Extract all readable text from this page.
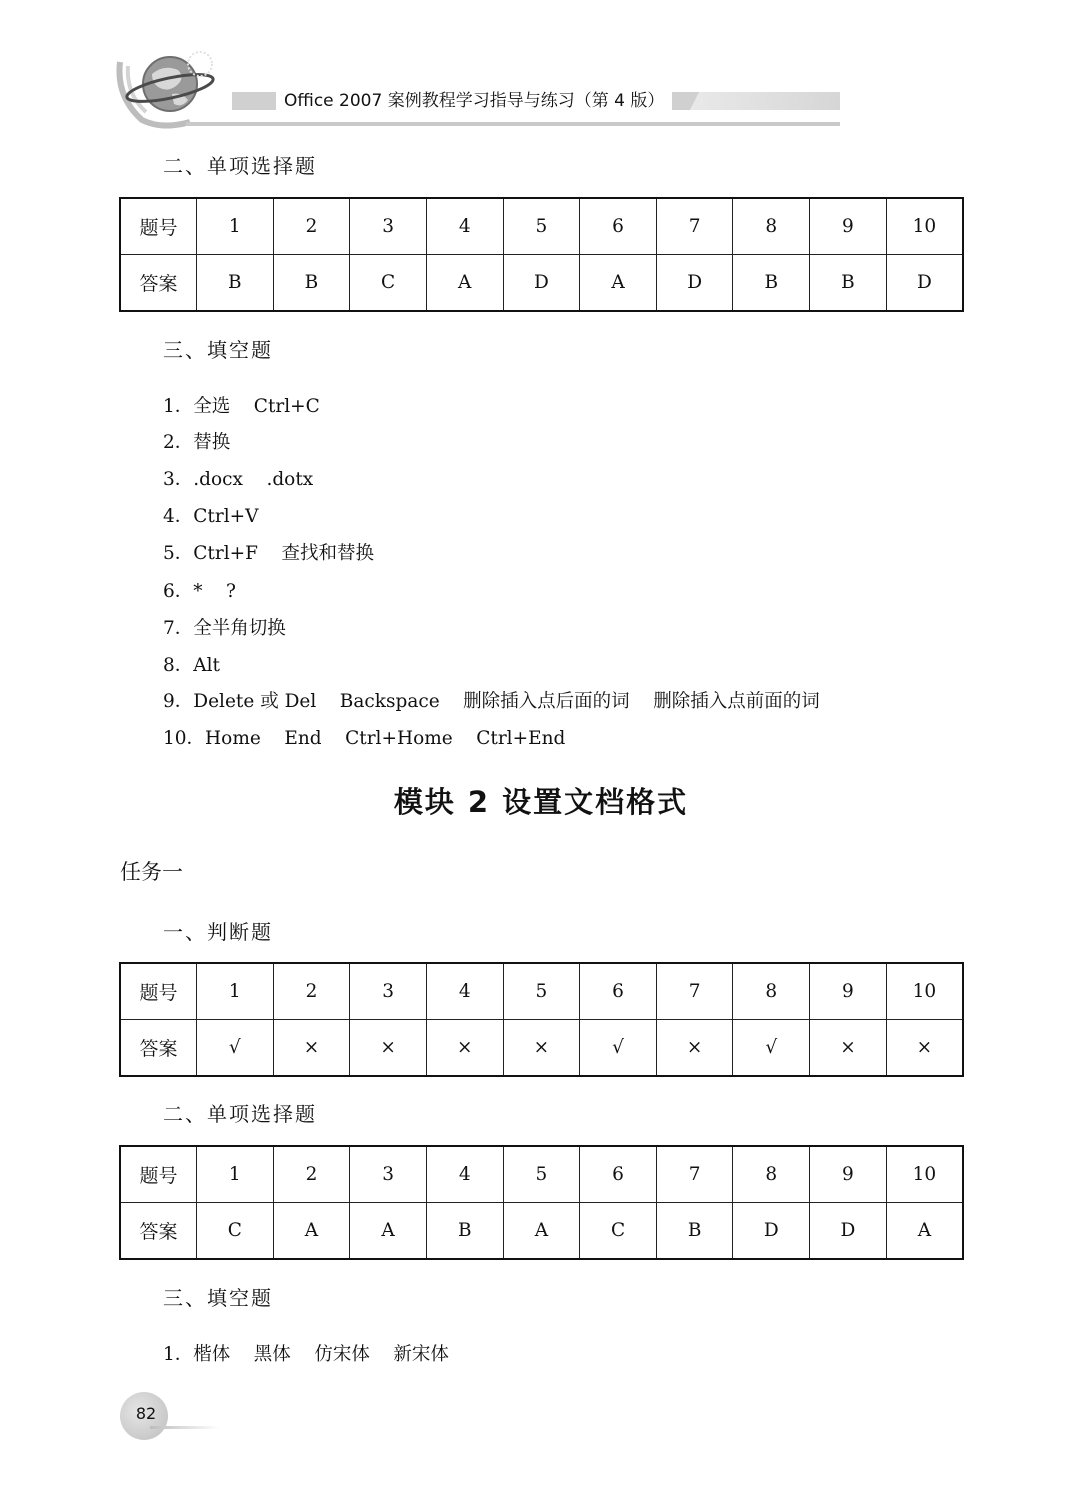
Office 2007 案例教程学习指导与练习（第 4 版）
二、单项选择题
题号	1	2	3	4	5	6	7	8	9	10
答案	B	B	C	A	D	A	D	B	B	D
三、填空题
1．全选    Ctrl+C
2．替换
3．.docx    .dotx
4．Ctrl+V
5．Ctrl+F    查找和替换
6．*    ?
7．全半角切换
8．Alt
9．Delete 或 Del    Backspace    删除插入点后面的词    删除插入点前面的词
10．Home    End    Ctrl+Home    Ctrl+End
模块 2 设置文档格式
任务一
一、判断题
题号	1	2	3	4	5	6	7	8	9	10
答案	√	×	×	×	×	√	×	√	×	×
二、单项选择题
题号	1	2	3	4	5	6	7	8	9	10
答案	C	A	A	B	A	C	B	D	D	A
三、填空题
1．楷体    黑体    仿宋体    新宋体
82
